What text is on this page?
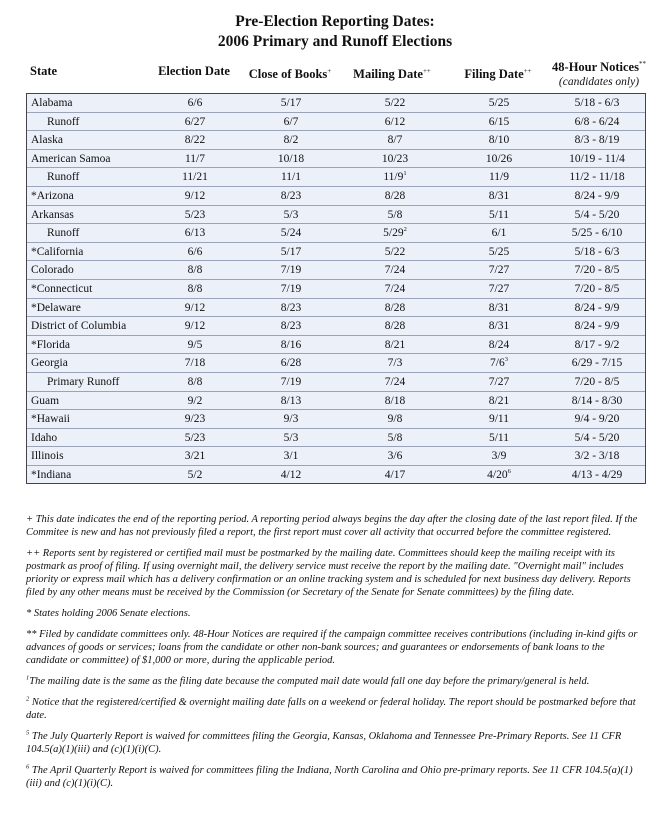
Pre-Election Reporting Dates:
2006 Primary and Runoff Elections
State	Election Date	Close of Books+	Mailing Date++	Filing Date++	48-Hour Notices**
(candidates only)
Alabama	6/6	5/17	5/22	5/25	5/18 - 6/3
Runoff	6/27	6/7	6/12	6/15	6/8 - 6/24
Alaska	8/22	8/2	8/7	8/10	8/3 - 8/19
American Samoa	11/7	10/18	10/23	10/26	10/19 - 11/4
Runoff	11/21	11/1	$11/9^1$	11/9	11/2 - 11/18
*Arizona	9/12	8/23	8/28	8/31	8/24 - 9/9
Arkansas	5/23	5/3	5/8	5/11	5/4 - 5/20
Runoff	6/13	5/24	$5/29^2$	6/1	5/25 - 6/10
*California	6/6	5/17	5/22	5/25	5/18 - 6/3
Colorado	8/8	7/19	7/24	7/27	7/20 - 8/5
*Connecticut	8/8	7/19	7/24	7/27	7/20 - 8/5
*Delaware	9/12	8/23	8/28	8/31	8/24 - 9/9
District of Columbia	9/12	8/23	8/28	8/31	8/24 - 9/9
*Florida	9/5	8/16	8/21	8/24	8/17 - 9/2
Georgia	7/18	6/28	7/3	$7/6^3$	6/29 - 7/15
Primary Runoff	8/8	7/19	7/24	7/27	7/20 - 8/5
Guam	9/2	8/13	8/18	8/21	8/14 - 8/30
*Hawaii	9/23	9/3	9/8	9/11	9/4 - 9/20
Idaho	5/23	5/3	5/8	5/11	5/4 - 5/20
Illinois	3/21	3/1	3/6	3/9	3/2 - 3/18
*Indiana	5/2	4/12	4/17	$4/20^6$	4/13 - 4/29
+ This date indicates the end of the reporting period. A reporting period always begins the day after the closing date of the last report filed. If the Commitee is new and has not previously filed a report, the first report must cover all activity that occurred before the committee registered.
++ Reports sent by registered or certified mail must be postmarked by the mailing date. Committees should keep the mailing receipt with its postmark as proof of filing. If using overnight mail, the delivery service must receive the report by the mailing date. "Overnight mail" includes priority or express mail which has a delivery confirmation or an online tracking system and is scheduled for next business day delivery. Reports filed by any other means must be received by the Commission (or Secretary of the Senate for Senate committees) by the filing date.
* States holding 2006 Senate elections.
** Filed by candidate committees only. 48-Hour Notices are required if the campaign committee receives contributions (including in-kind gifts or advances of goods or services; loans from the candidate or other non-bank sources; and guarantees or endorsements of bank loans to the candidate or committee) of $1,000 or more, during the applicable period.
$^1$The mailing date is the same as the filing date because the computed mail date would fall one day before the primary/general is held.
$^2$ Notice that the registered/certified & overnight mailing date falls on a weekend or federal holiday. The report should be postmarked before that date.
$^5$ The July Quarterly Report is waived for committees filing the Georgia, Kansas, Oklahoma and Tennessee Pre-Primary Reports. See 11 CFR 104.5(a)(1)(iii) and (c)(1)(i)(C).
$^6$ The April Quarterly Report is waived for committees filing the Indiana, North Carolina and Ohio pre-primary reports. See 11 CFR 104.5(a)(1)(iii) and (c)(1)(i)(C).
